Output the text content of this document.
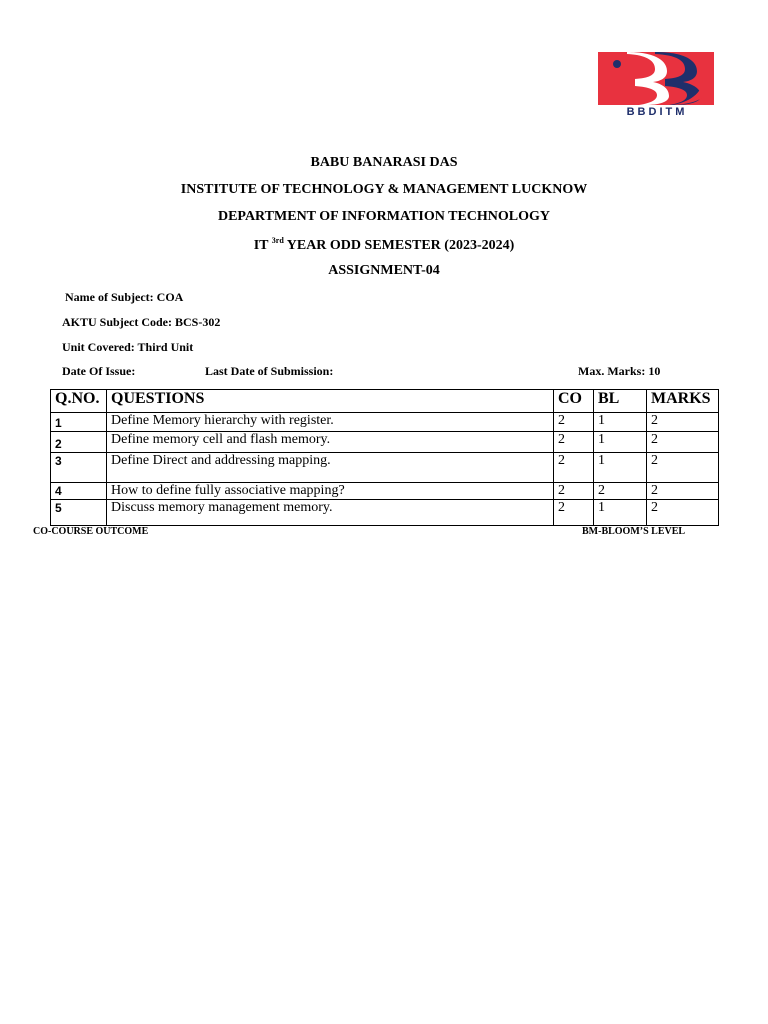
BBDITM
BABU BANARASI DAS
INSTITUTE OF TECHNOLOGY & MANAGEMENT LUCKNOW
DEPARTMENT OF INFORMATION TECHNOLOGY
IT $^{3rd}$ YEAR ODD SEMESTER (2023-2024)
ASSIGNMENT-04
Name of Subject: COA
AKTU Subject Code: BCS-302
Unit Covered: Third Unit
Date Of Issue:	Last Date of Submission:	Max. Marks: 10
Q.NO.	QUESTIONS	CO	BL	MARKS
1	Define Memory hierarchy with register.	2	1	2
2	Define memory cell and flash memory.	2	1	2
3	Define Direct and addressing mapping.	2	1	2
4	How to define fully associative mapping?	2	2	2
5	Discuss memory management memory.	2	1	2
CO-COURSE OUTCOME	BM-BLOOM’S LEVEL
